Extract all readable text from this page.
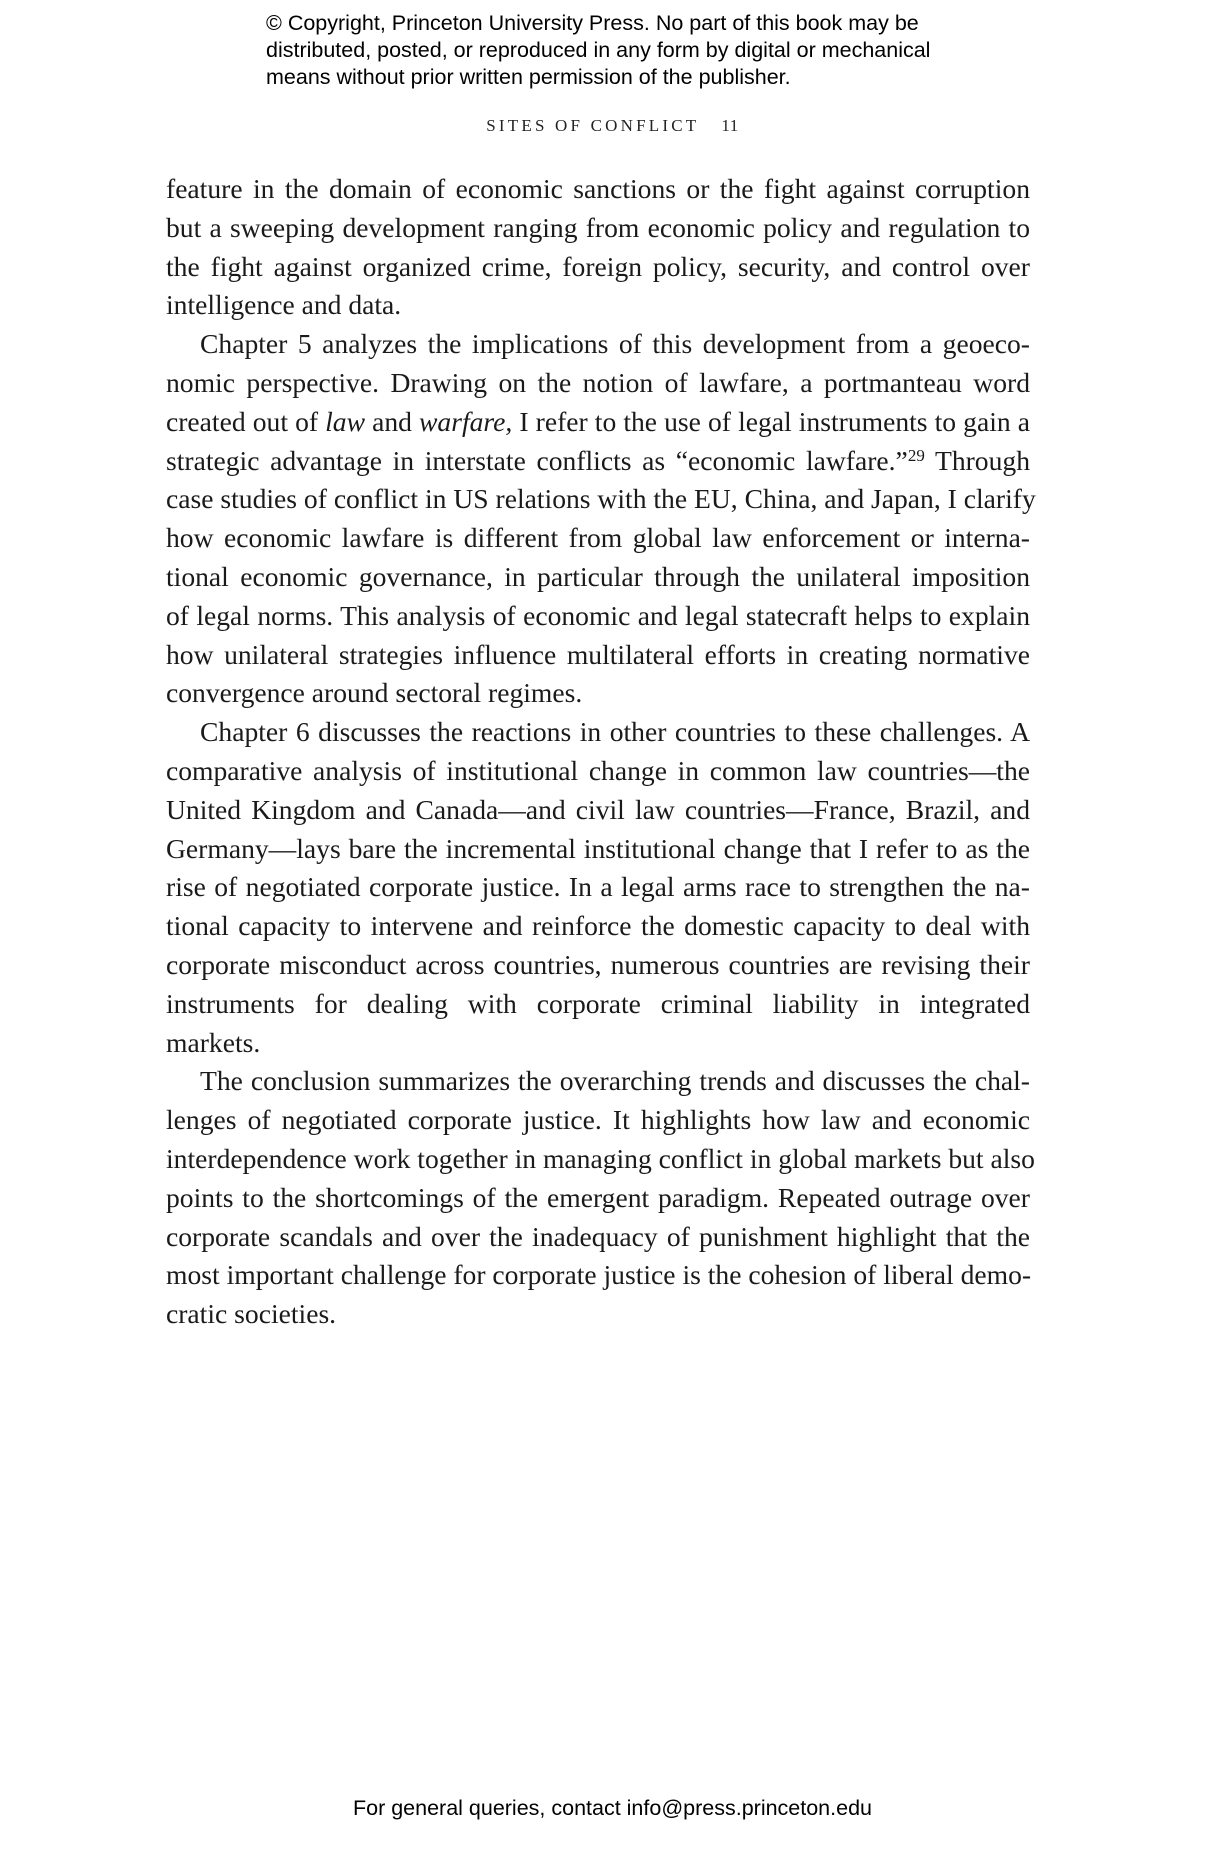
© Copyright, Princeton University Press. No part of this book may be
distributed, posted, or reproduced in any form by digital or mechanical
means without prior written permission of the publisher.
SITES OF CONFLICT 11
feature in the domain of economic sanctions or the fight against corruption
but a sweeping development ranging from economic policy and regulation to
the fight against organized crime, foreign policy, security, and control over
intelligence and data.
Chapter 5 analyzes the implications of this development from a geoeco-
nomic perspective. Drawing on the notion of lawfare, a portmanteau word
created out of law and warfare, I refer to the use of legal instruments to gain a
strategic advantage in interstate conflicts as “economic lawfare.”$^{29}$ Through
case studies of conflict in US relations with the EU, China, and Japan, I clarify
how economic lawfare is different from global law enforcement or interna-
tional economic governance, in particular through the unilateral imposition
of legal norms. This analysis of economic and legal statecraft helps to explain
how unilateral strategies influence multilateral efforts in creating normative
convergence around sectoral regimes.
Chapter 6 discusses the reactions in other countries to these challenges. A
comparative analysis of institutional change in common law countries—the
United Kingdom and Canada—and civil law countries—France, Brazil, and
Germany—lays bare the incremental institutional change that I refer to as the
rise of negotiated corporate justice. In a legal arms race to strengthen the na-
tional capacity to intervene and reinforce the domestic capacity to deal with
corporate misconduct across countries, numerous countries are revising their
instruments for dealing with corporate criminal liability in integrated
markets.
The conclusion summarizes the overarching trends and discusses the chal-
lenges of negotiated corporate justice. It highlights how law and economic
interdependence work together in managing conflict in global markets but also
points to the shortcomings of the emergent paradigm. Repeated outrage over
corporate scandals and over the inadequacy of punishment highlight that the
most important challenge for corporate justice is the cohesion of liberal demo-
cratic societies.
For general queries, contact info@press.princeton.edu
